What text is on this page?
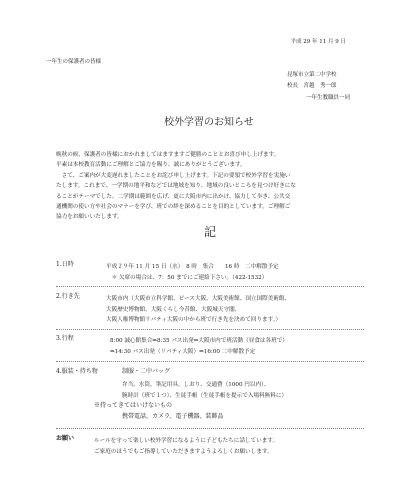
平成 29 年 11 月 9 日
一年生の保護者の皆様
昆塚市立第二中学校
校長　宮越　秀一郎
一年生教職員一同
校外学習のお知らせ
晩秋の候、保護者の皆様におかれましてはますますご健勝のこととお喜び申し上げます。
平素は本校教育活動にご理解とご協力を賜り、誠にありがとうございます。
　さて、ご案内が大変遅れましたことをお詫び申し上げます。下記の要領で校外学習を実施い
たします。これまで、一学期の地平和などでは地域を知り、地域の良いところを見つけ好きにな
ることがテーマでした。二学期は範囲を広げ、更に大阪市内に出かけ、協力して歩き、公共交
通機関の使い方や社会のマナーを学び、班での絆を深めることを目的としています。ご理解ご
協力をお願いいたします。
記
1.日時	平成２９年 11 月 15 日（水）　8 時　集合　　16 時　二中解散予定
　＊ 欠席の場合は、7：50 までにご連絡下さい。（422-1532）
2.行き先	大阪市内（大阪市立科学館、ピース大阪、大阪美術館、国立国際美術館、
大阪歴史博物館、大阪くらし今昔館、大阪城天守閣、
大阪人権博物館リバティ大阪の中から班で行き先を決めて回ります。）
3.行程	8:00 誠心館集合⇒8:35 バス出発⇒大阪市内で班活動（昼食は各班で）
⇒14:30 バス出発（リバティ大阪）⇒16:00 二中解散予定
4.服装・持ち物	制服・二中バッグ
弁当、水筒、筆記用具、しおり、交通費（1000 円以内）、
腕時計（班で１つ）、生徒手帳（生徒手帳を提示で入場料無料に）
※持ってきてはいけないもの
携帯電話、カメラ、電子機器、装飾品
お願い	ルールを守って楽しい校外学習になるように子どもたちに話しています。
ご家庭のほうでもご指導していただきますようよろしくお願いします。
